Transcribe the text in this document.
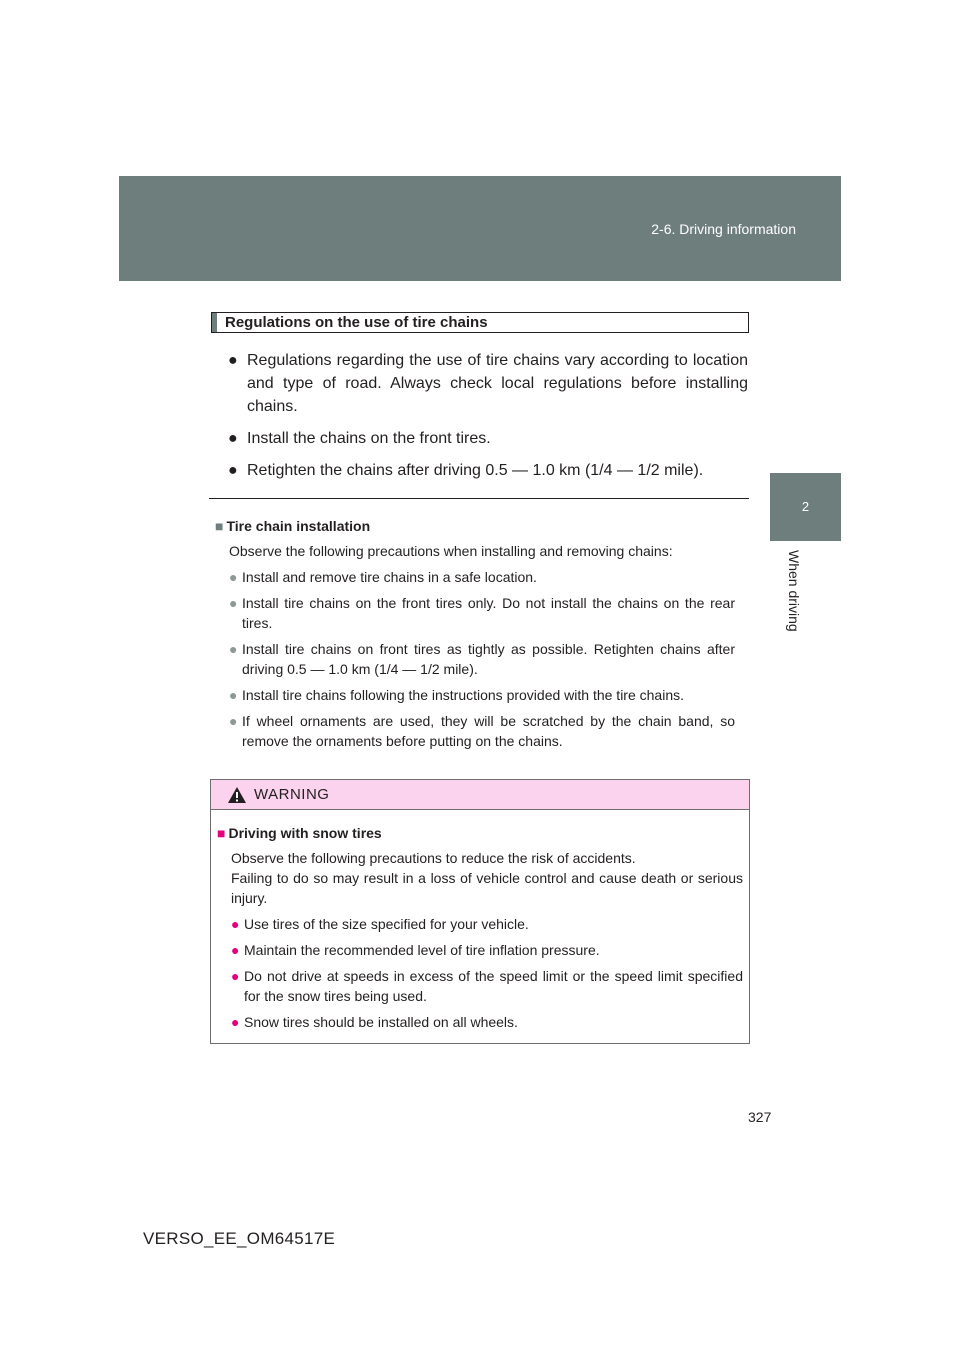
2-6. Driving information
2
When driving
Regulations on the use of tire chains
● Regulations regarding the use of tire chains vary according to location and type of road. Always check local regulations before installing chains.
● Install the chains on the front tires.
● Retighten the chains after driving 0.5 — 1.0 km (1/4 — 1/2 mile).
■ Tire chain installation
Observe the following precautions when installing and removing chains:
● Install and remove tire chains in a safe location.
● Install tire chains on the front tires only. Do not install the chains on the rear tires.
● Install tire chains on front tires as tightly as possible. Retighten chains after driving 0.5 — 1.0 km (1/4 — 1/2 mile).
● Install tire chains following the instructions provided with the tire chains.
● If wheel ornaments are used, they will be scratched by the chain band, so remove the ornaments before putting on the chains.
WARNING
■ Driving with snow tires
Observe the following precautions to reduce the risk of accidents.
Failing to do so may result in a loss of vehicle control and cause death or serious injury.
● Use tires of the size specified for your vehicle.
● Maintain the recommended level of tire inflation pressure.
● Do not drive at speeds in excess of the speed limit or the speed limit specified for the snow tires being used.
● Snow tires should be installed on all wheels.
327
VERSO_EE_OM64517E
